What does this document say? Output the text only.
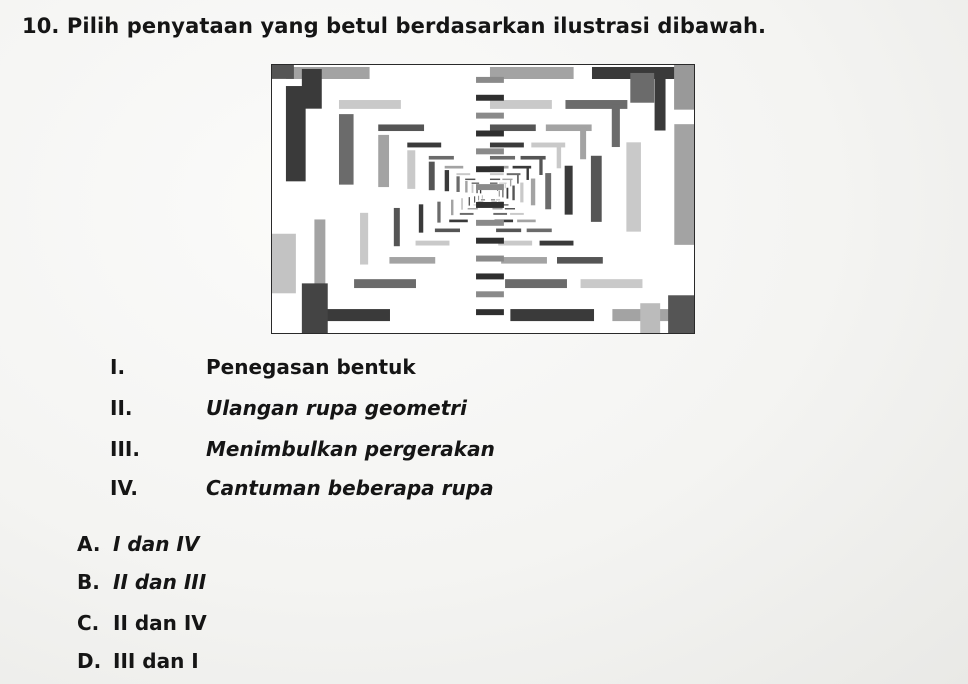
10. Pilih penyataan yang betul berdasarkan ilustrasi dibawah.
I.	Penegasan bentuk
II.	Ulangan rupa geometri
III.	Menimbulkan pergerakan
IV.	Cantuman beberapa rupa
A. I dan IV
B. II dan III
C. II dan IV
D. III dan I
